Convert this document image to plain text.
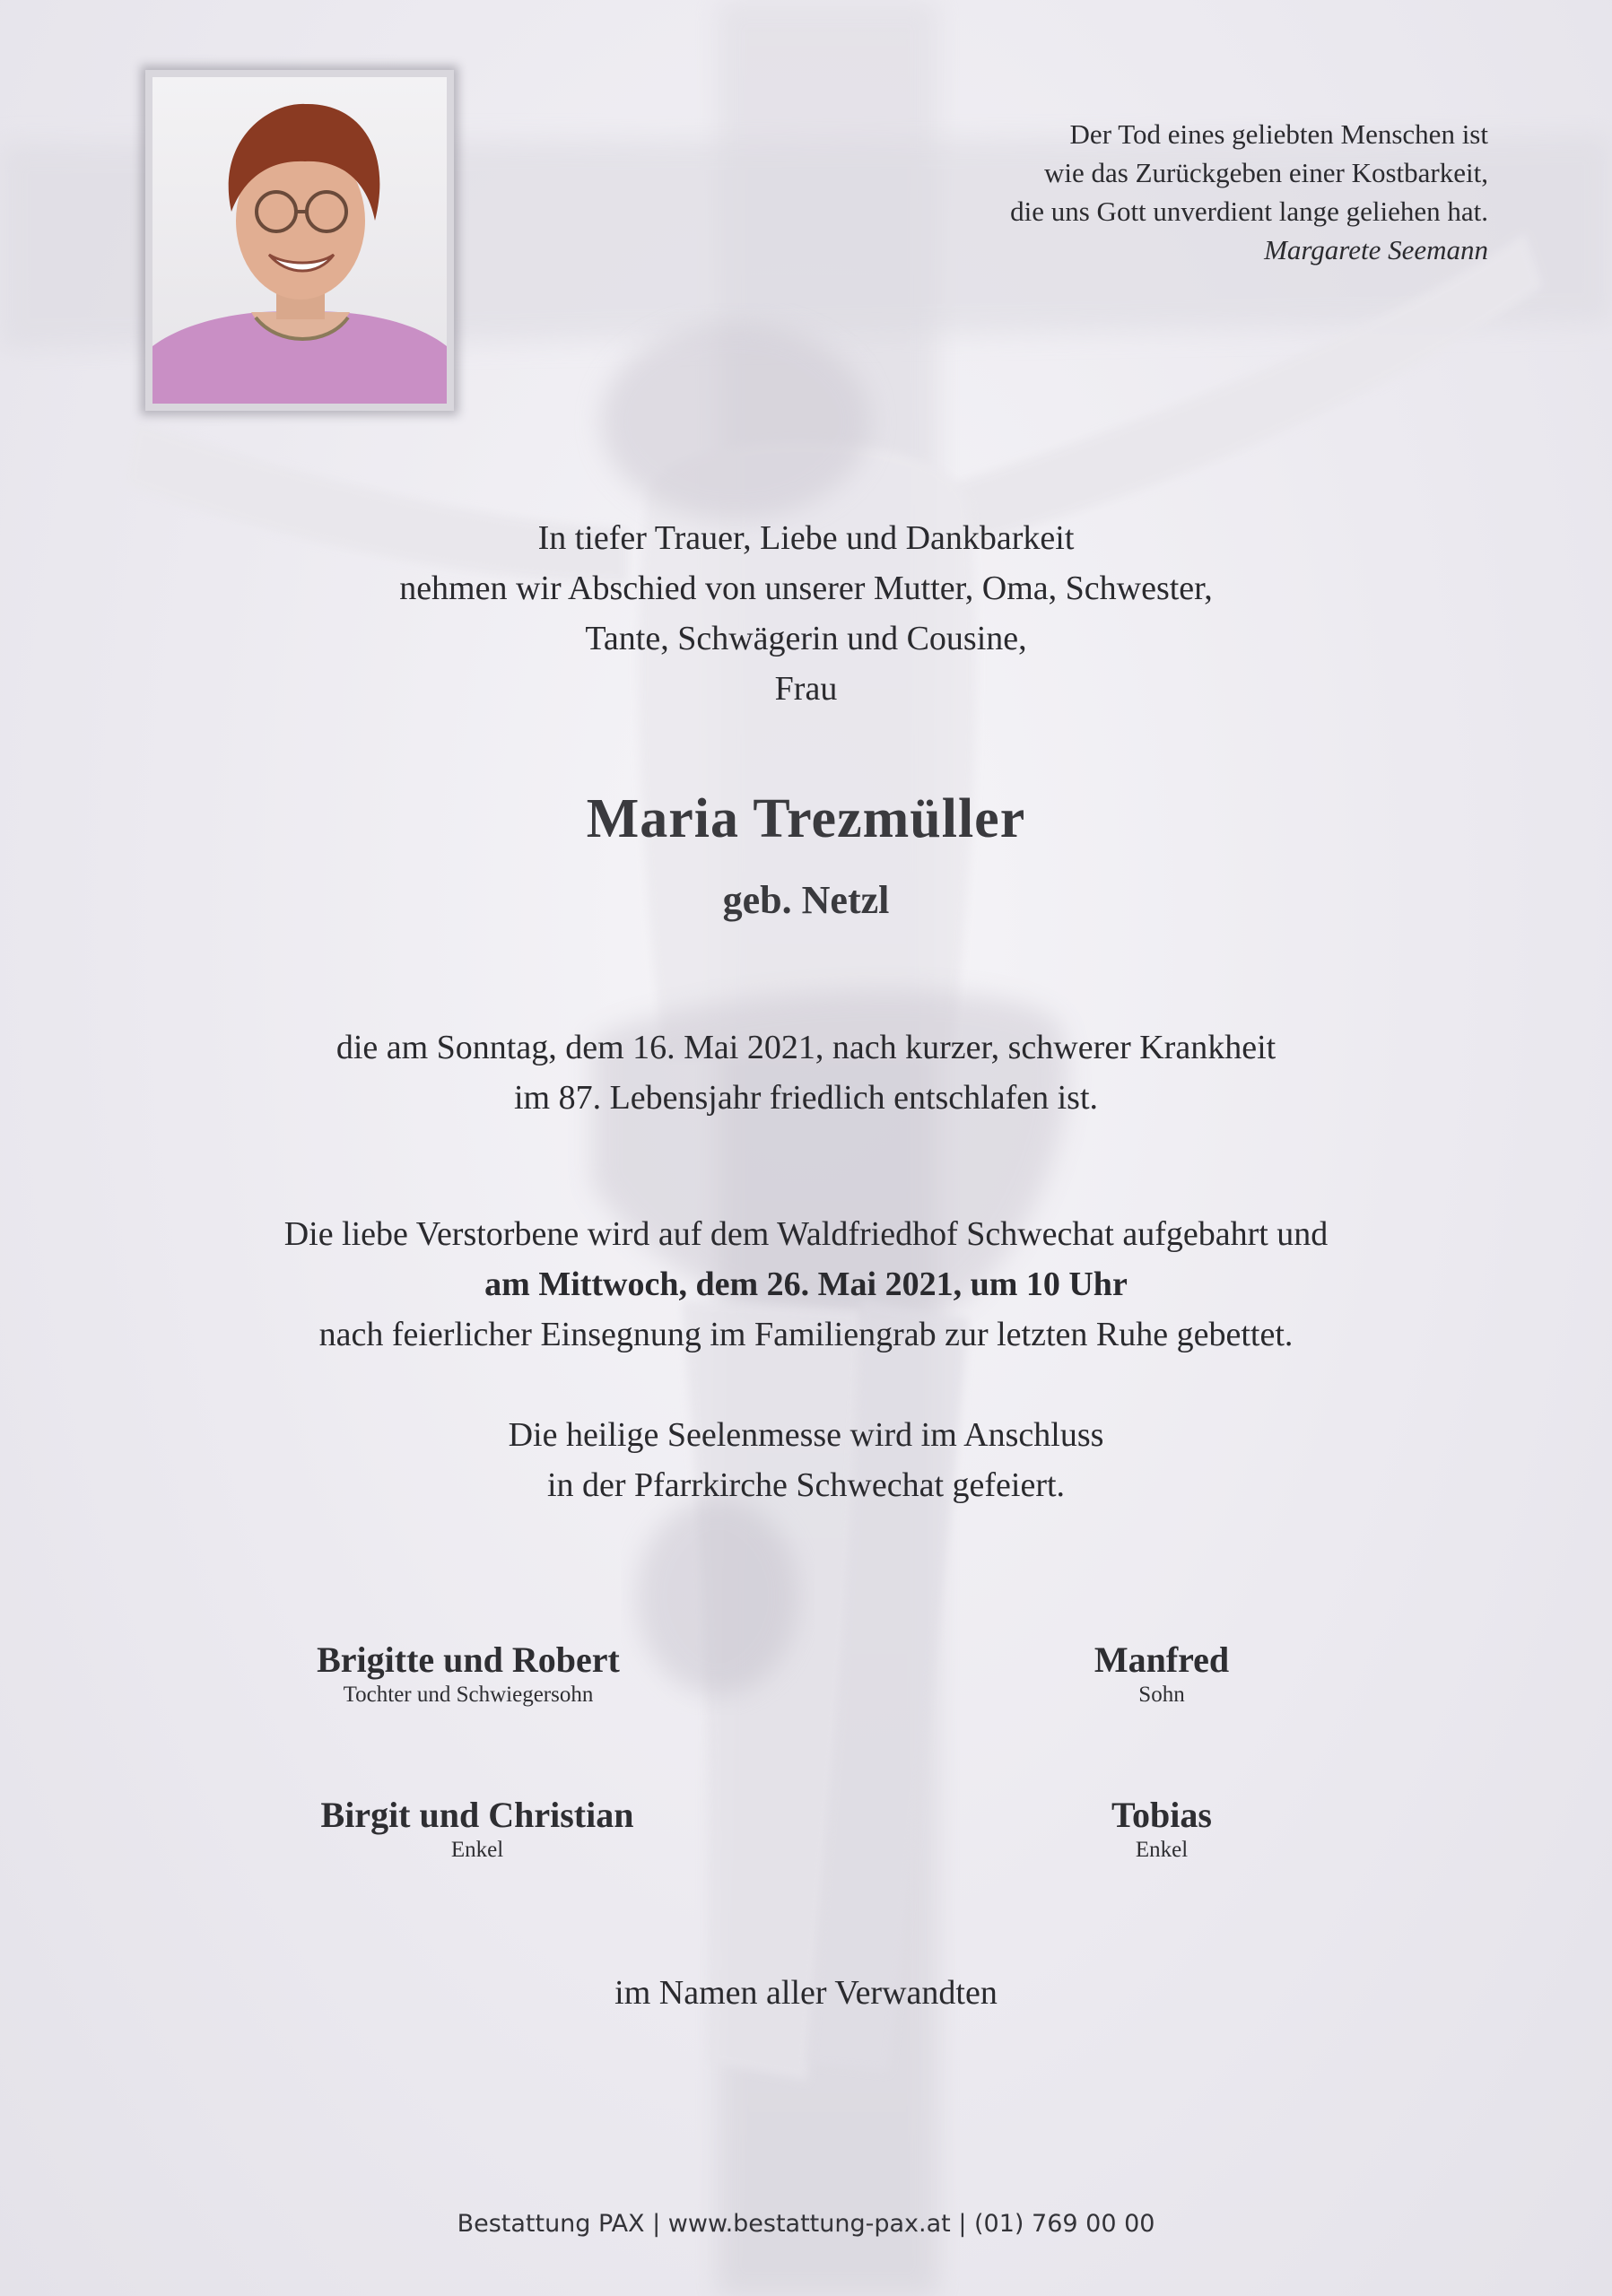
Der Tod eines geliebten Menschen ist
wie das Zurückgeben einer Kostbarkeit,
die uns Gott unverdient lange geliehen hat.
Margarete Seemann
In tiefer Trauer, Liebe und Dankbarkeit
nehmen wir Abschied von unserer Mutter, Oma, Schwester,
Tante, Schwägerin und Cousine,
Frau
Maria Trezmüller
geb. Netzl
die am Sonntag, dem 16. Mai 2021, nach kurzer, schwerer Krankheit
im 87. Lebensjahr friedlich entschlafen ist.
Die liebe Verstorbene wird auf dem Waldfriedhof Schwechat aufgebahrt und
am Mittwoch, dem 26. Mai 2021, um 10 Uhr
nach feierlicher Einsegnung im Familiengrab zur letzten Ruhe gebettet.
Die heilige Seelenmesse wird im Anschluss
in der Pfarrkirche Schwechat gefeiert.
Brigitte und Robert
Tochter und Schwiegersohn
Manfred
Sohn
Birgit und Christian
Enkel
Tobias
Enkel
im Namen aller Verwandten
Bestattung PAX | www.bestattung-pax.at | (01) 769 00 00
